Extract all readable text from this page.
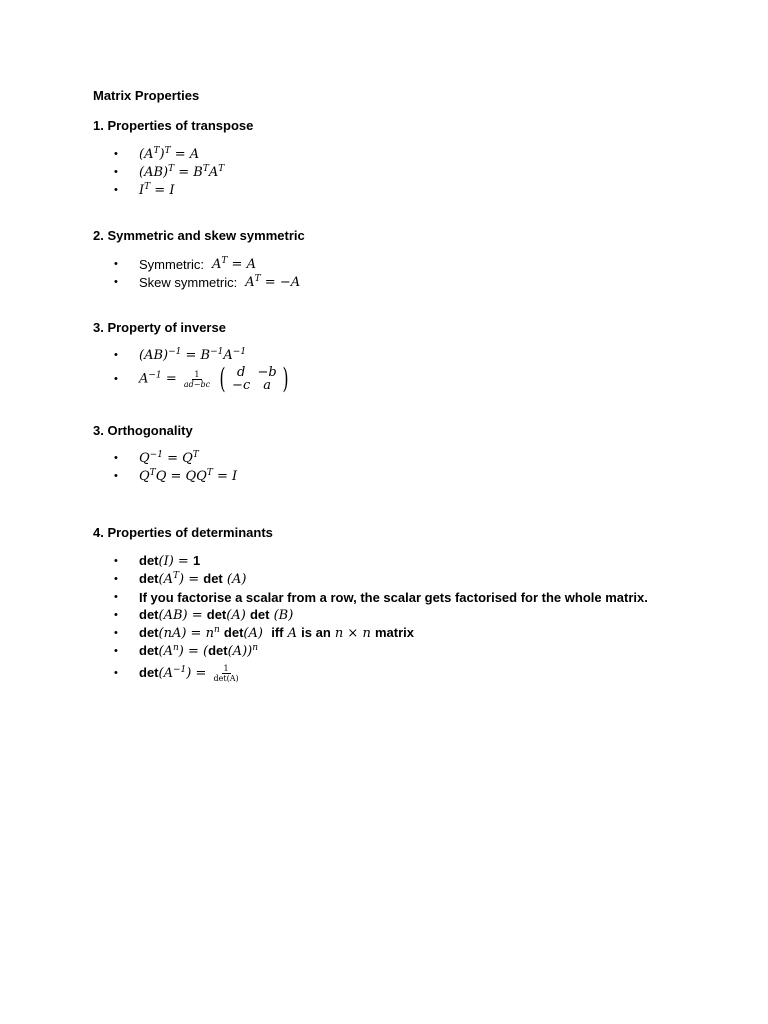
Matrix Properties
1. Properties of transpose
•	$(A^T)^T = A$
•	$(AB)^T = B^TA^T$
•	$I^T = I$
2. Symmetric and skew symmetric
•	Symmetric: $A^T = A$
•	Skew symmetric: $A^T = -A$
3. Property of inverse
•	$(AB)^{-1} = B^{-1}A^{-1}$
•	$A^{-1} = \frac{1}{ad-bc}$
( d −b
−c	a )
3. Orthogonality
•	$Q^{-1} = Q^T$
•	$Q^TQ = QQ^T = I$
4. Properties of determinants
•	det(I) = 1
•	$\det(A^T) = \det (A)$
•	If you factorise a scalar from a row, the scalar gets factorised for the whole matrix.
•	det(AB) = det(A) det (B)
•	$\det(nA) = n^n$ det(A)  iff A is an n × n matrix
•	$\det(A^n) = (\det(A))^n$
•	$\det(A^{-1}) = \frac{1}{\det(A)}$
